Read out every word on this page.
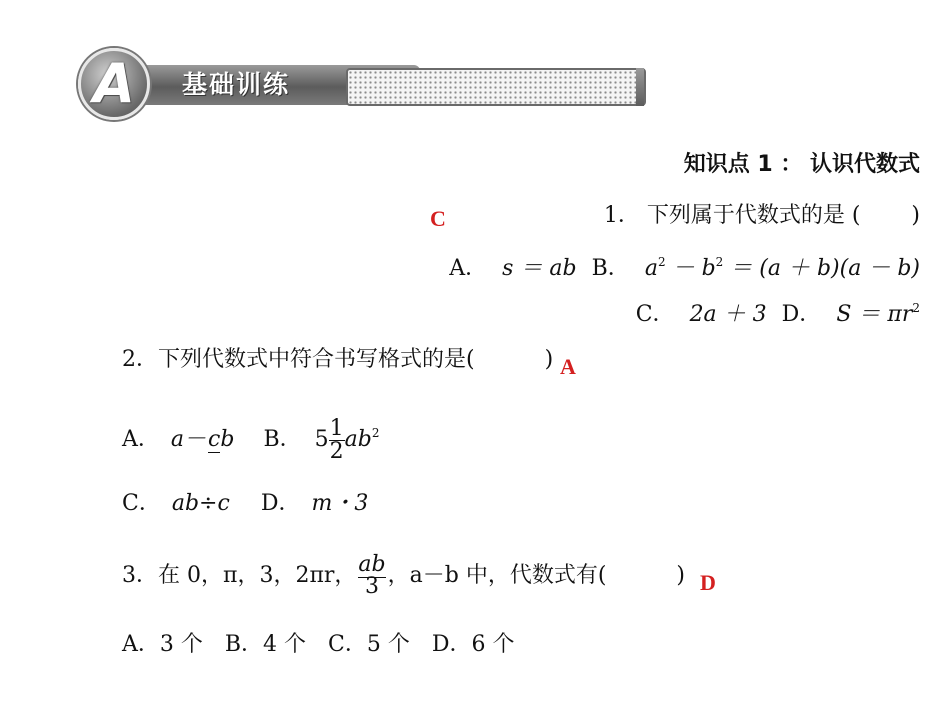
A	基础训练
知识点 1 ： 认识代数式
C	1． 下列属于代数式的是 (　　 )
A． s ＝ ab B． $a^2 - b^2 = (a + b)(a - b)$
C． 2a ＋ 3 D． $S = \pi r^2$
2．下列代数式中符合书写格式的是(	) A
A． a－cb B． $5 \frac{1}{2} ab^2$
C． ab÷c D． m・3
3．在 0，π，3，2πr，$\frac{ab}{3}$ ，a－b 中，代数式有(	) D
A．3 个　B．4 个　C．5 个　D．6 个
